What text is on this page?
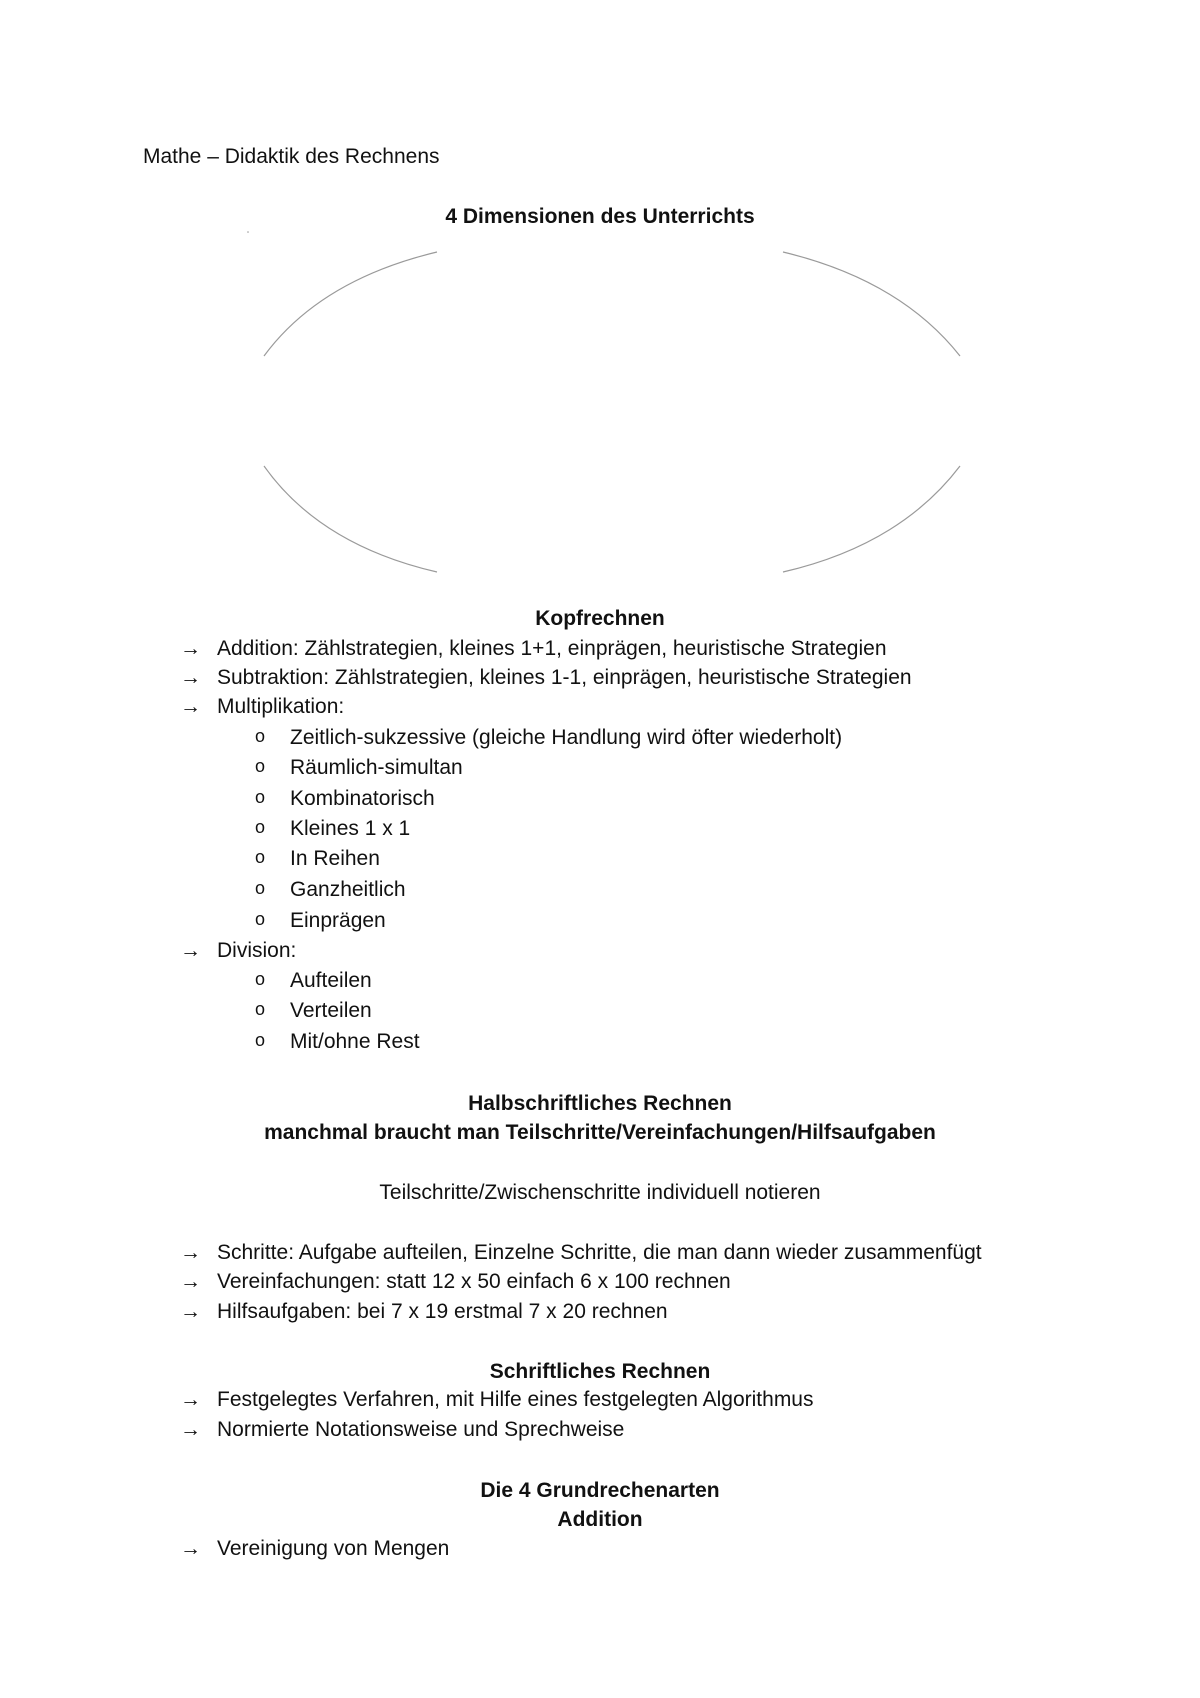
Mathe – Didaktik des Rechnens
4 Dimensionen des Unterrichts
Kopfrechnen
→ Addition: Zählstrategien, kleines 1+1, einprägen, heuristische Strategien
→ Subtraktion: Zählstrategien, kleines 1-1, einprägen, heuristische Strategien
→ Multiplikation:
o Zeitlich-sukzessive (gleiche Handlung wird öfter wiederholt)
o Räumlich-simultan
o Kombinatorisch
o Kleines 1 x 1
o In Reihen
o Ganzheitlich
o Einprägen
→ Division:
o Aufteilen
o Verteilen
o Mit/ohne Rest
Halbschriftliches Rechnen
manchmal braucht man Teilschritte/Vereinfachungen/Hilfsaufgaben
Teilschritte/Zwischenschritte individuell notieren
→ Schritte: Aufgabe aufteilen, Einzelne Schritte, die man dann wieder zusammenfügt
→ Vereinfachungen: statt 12 x 50 einfach 6 x 100 rechnen
→ Hilfsaufgaben: bei 7 x 19 erstmal 7 x 20 rechnen
Schriftliches Rechnen
→ Festgelegtes Verfahren, mit Hilfe eines festgelegten Algorithmus
→ Normierte Notationsweise und Sprechweise
Die 4 Grundrechenarten
Addition
→ Vereinigung von Mengen
